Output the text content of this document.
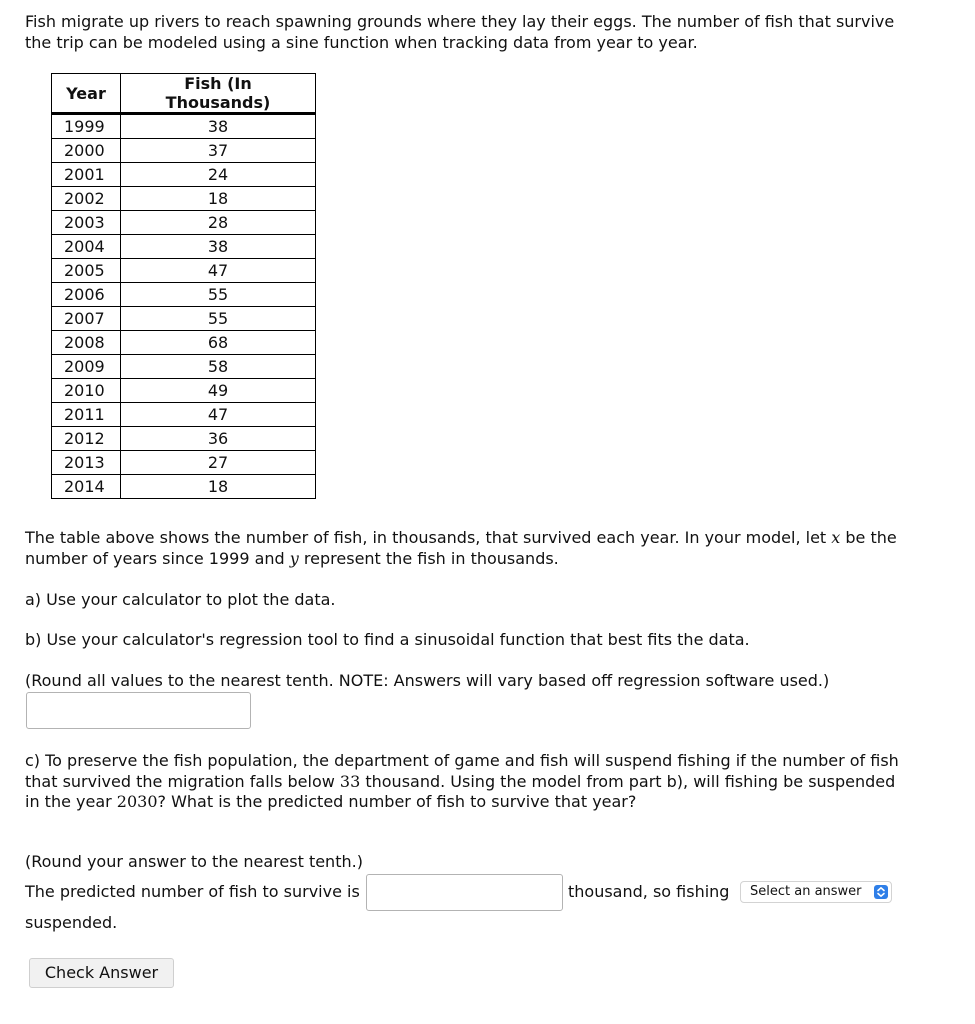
Fish migrate up rivers to reach spawning grounds where they lay their eggs. The number of fish that survive
the trip can be modeled using a sine function when tracking data from year to year.
Year	Fish (In Thousands)
1999	38
2000	37
2001	24
2002	18
2003	28
2004	38
2005	47
2006	55
2007	55
2008	68
2009	58
2010	49
2011	47
2012	36
2013	27
2014	18
The table above shows the number of fish, in thousands, that survived each year. In your model, let x be the
number of years since 1999 and y represent the fish in thousands.
a) Use your calculator to plot the data.
b) Use your calculator's regression tool to find a sinusoidal function that best fits the data.
(Round all values to the nearest tenth. NOTE: Answers will vary based off regression software used.)
c) To preserve the fish population, the department of game and fish will suspend fishing if the number of fish
that survived the migration falls below 33 thousand. Using the model from part b), will fishing be suspended
in the year 2030? What is the predicted number of fish to survive that year?
(Round your answer to the nearest tenth.)
The predicted number of fish to survive is	thousand, so fishing	Select an answer
suspended.
Check Answer
